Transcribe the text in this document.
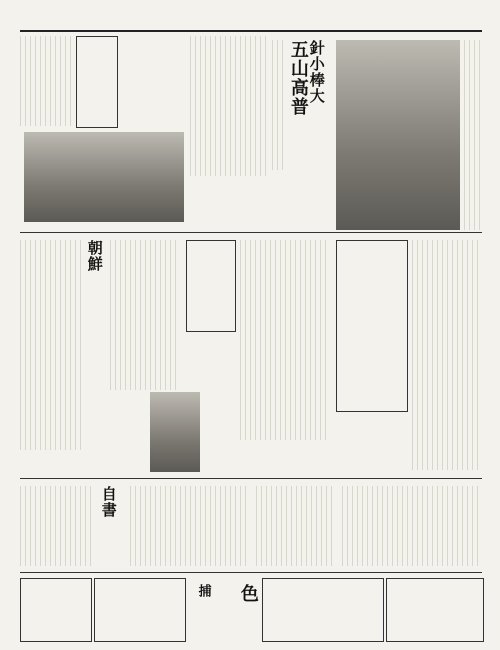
針小棒大
五山高普
朝鮮
自書
捕 色
